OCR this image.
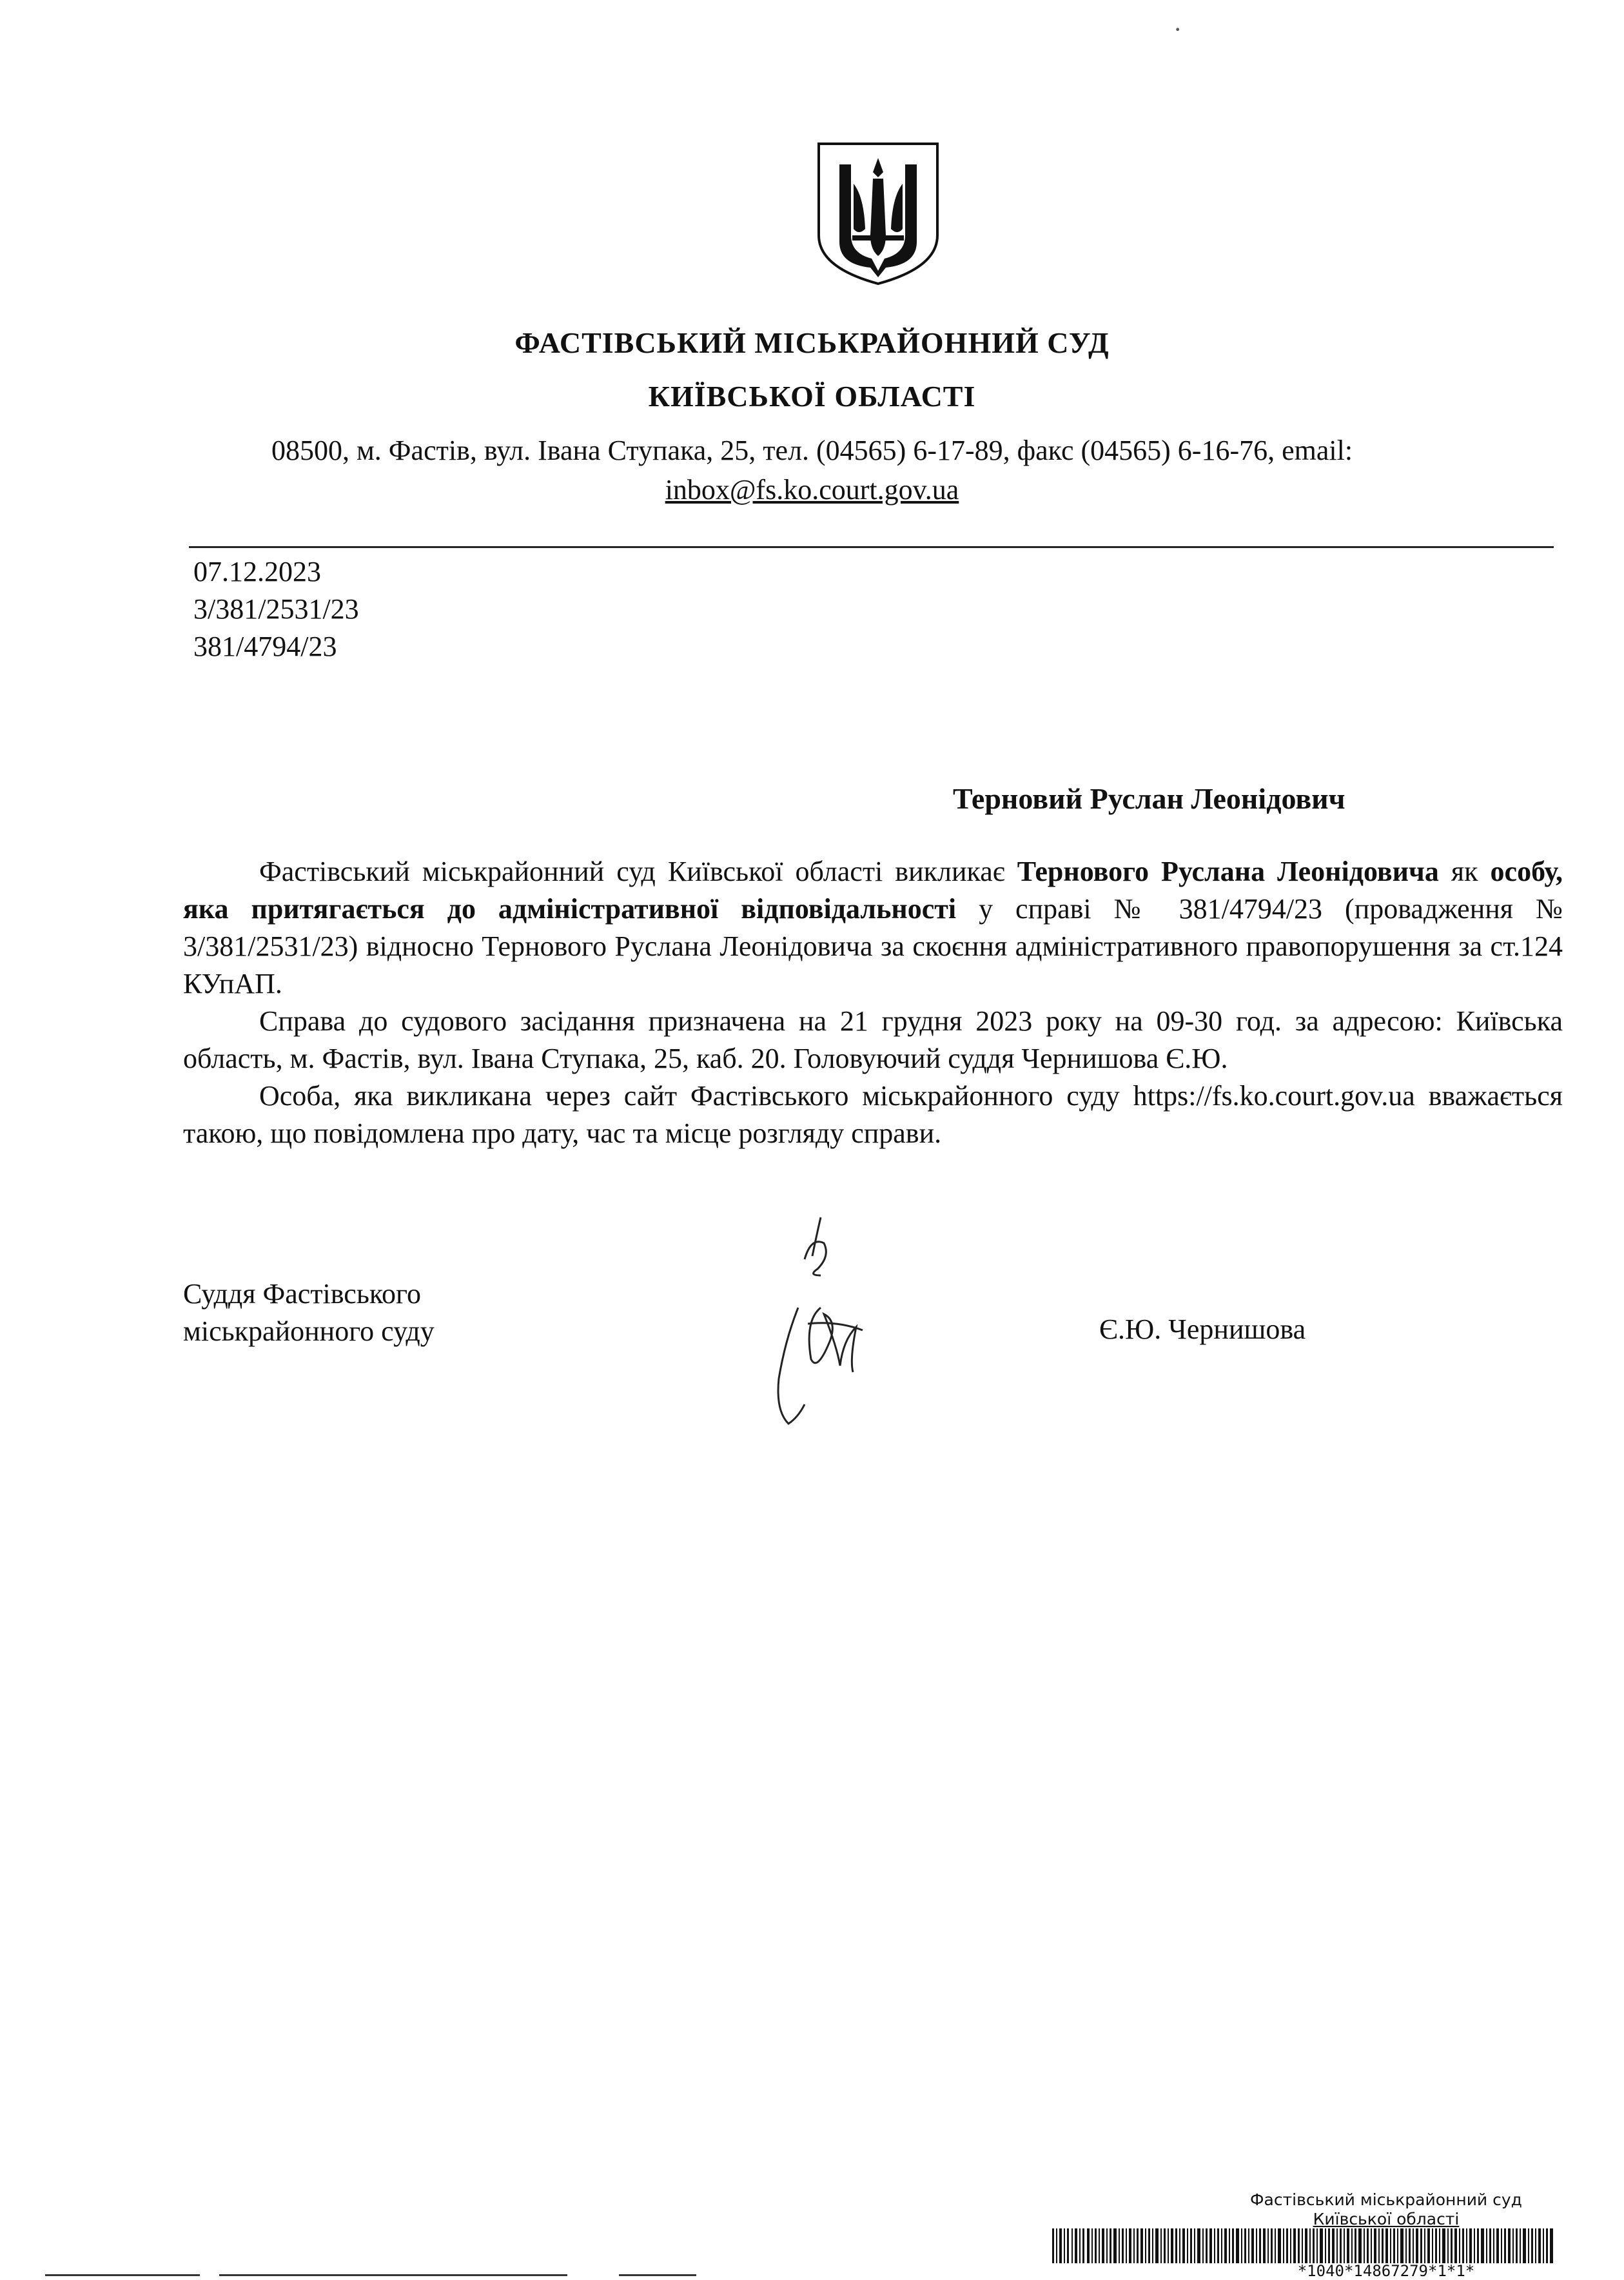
·
ФАСТІВСЬКИЙ МІСЬКРАЙОННИЙ СУД
КИЇВСЬКОЇ ОБЛАСТІ
08500, м. Фастів, вул. Івана Ступака, 25, тел. (04565) 6-17-89, факс (04565) 6-16-76, email:
inbox@fs.ko.court.gov.ua
07.12.2023
3/381/2531/23
381/4794/23
Терновий Руслан Леонідович

Фастівський міськрайонний суд Київської області викликає Тернового Руслана Леонідовича як особу, яка притягається до адміністративної відповідальності у справі № 381/4794/23 (провадження № 3/381/2531/23) відносно Тернового Руслана Леонідовича за скоєння адміністративного правопорушення за ст.124 КУпАП.

Справа до судового засідання призначена на 21 грудня 2023 року на 09-30 год. за адресою: Київська область, м. Фастів, вул. Івана Ступака, 25, каб. 20. Головуючий суддя Чернишова Є.Ю.

Особа, яка викликана через сайт Фастівського міськрайонного суду https://fs.ko.court.gov.ua вважається такою, що повідомлена про дату, час та місце розгляду справи.

Суддя Фастівського
міськрайонного суду	Є.Ю. Чернишова
Фастівський міськрайонний суд
Київської області
*1040*14867279*1*1*
